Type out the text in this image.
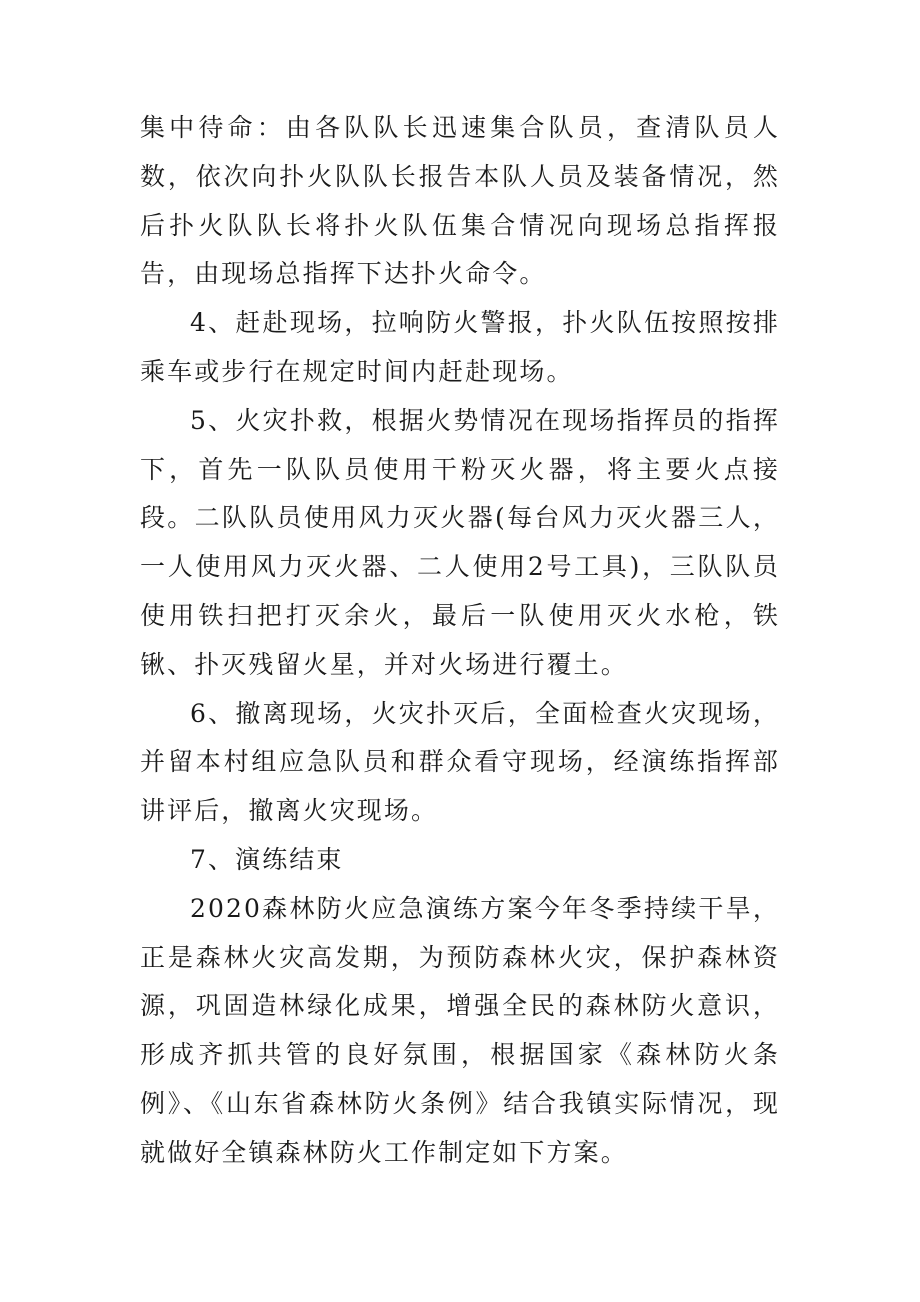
集中待命：由各队队长迅速集合队员，查清队员人数，依次向扑火队队长报告本队人员及装备情况，然后扑火队队长将扑火队伍集合情况向现场总指挥报告，由现场总指挥下达扑火命令。

4、赶赴现场，拉响防火警报，扑火队伍按照按排乘车或步行在规定时间内赶赴现场。

5、火灾扑救，根据火势情况在现场指挥员的指挥下，首先一队队员使用干粉灭火器，将主要火点接段。二队队员使用风力灭火器(每台风力灭火器三人，一人使用风力灭火器、二人使用2号工具)，三队队员使用铁扫把打灭余火，最后一队使用灭火水枪，铁锹、扑灭残留火星，并对火场进行覆土。

6、撤离现场，火灾扑灭后，全面检查火灾现场，并留本村组应急队员和群众看守现场，经演练指挥部讲评后，撤离火灾现场。

7、演练结束

2020森林防火应急演练方案今年冬季持续干旱，正是森林火灾高发期，为预防森林火灾，保护森林资源，巩固造林绿化成果，增强全民的森林防火意识，形成齐抓共管的良好氛围，根据国家《森林防火条例》、《山东省森林防火条例》结合我镇实际情况，现就做好全镇森林防火工作制定如下方案。
